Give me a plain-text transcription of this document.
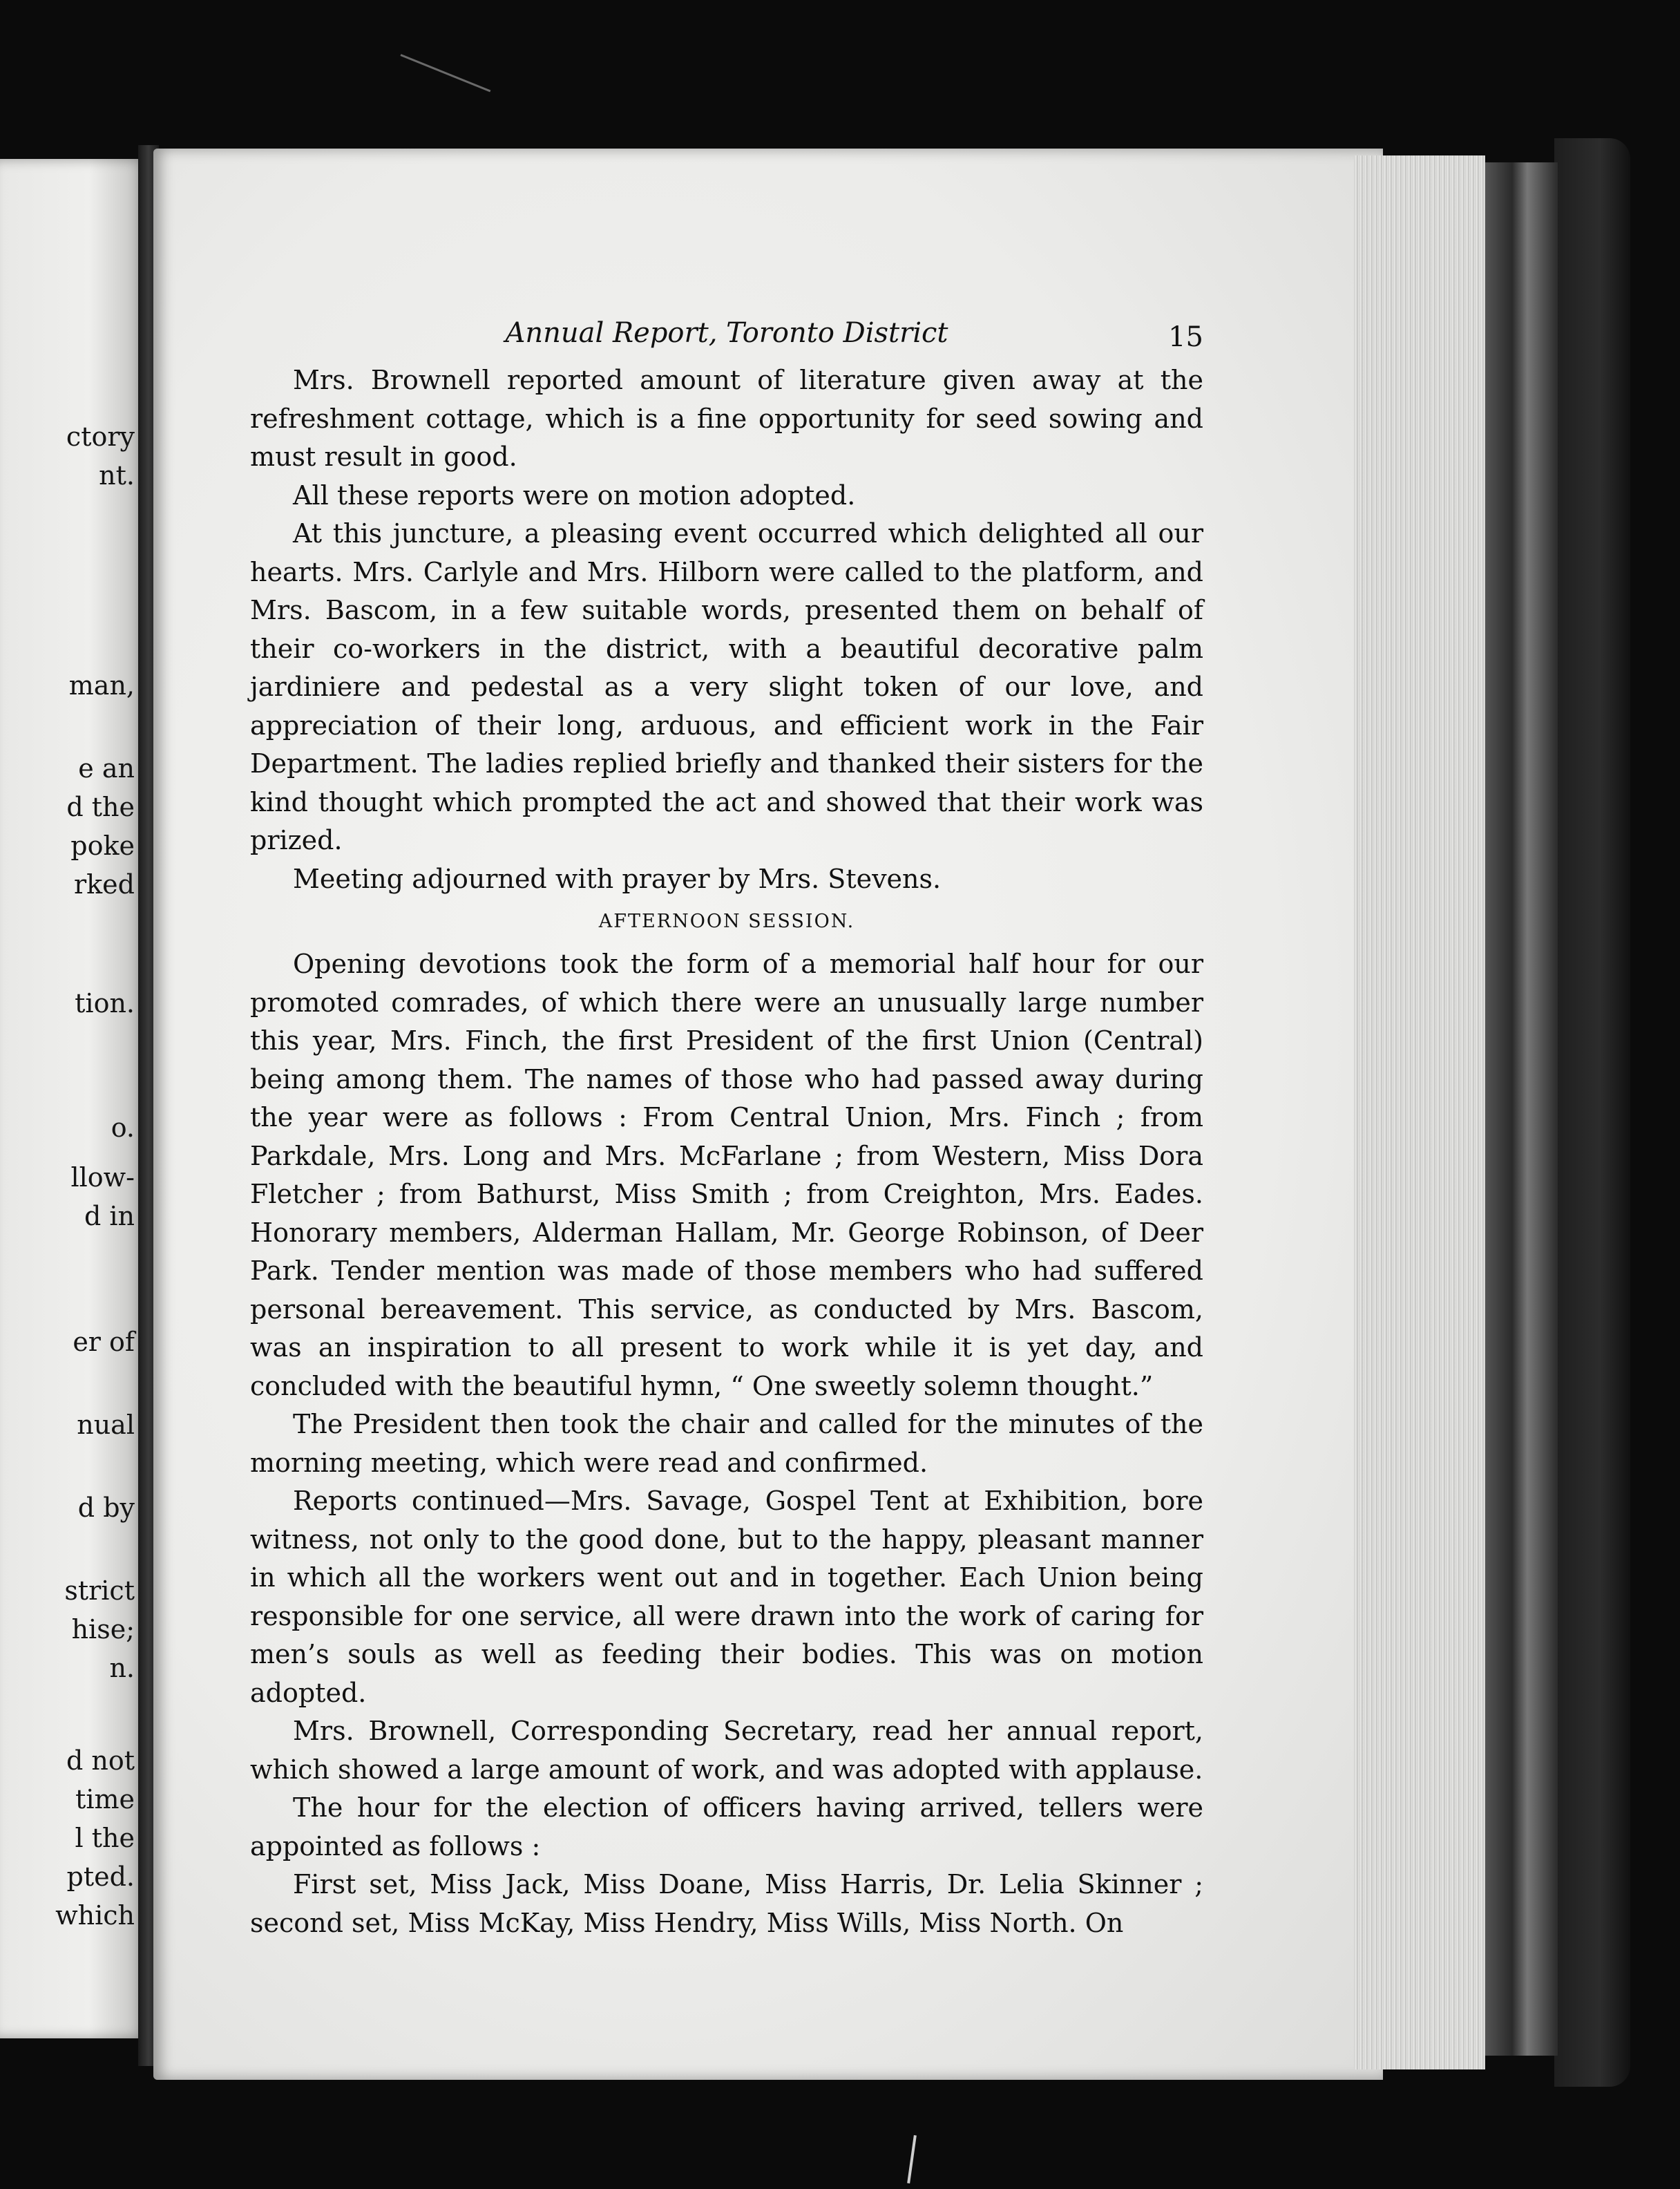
ctory
nt.
man,
e an
d the
poke
rked
tion.
o.
llow-
d in
er of
nual
d by
strict
hise;
n.
d not
time
l the
pted.
which
Annual Report, Toronto District	15

Mrs. Brownell reported amount of literature given away at the refreshment cottage, which is a fine opportunity for seed sowing and must result in good.

All these reports were on motion adopted.

At this juncture, a pleasing event occurred which delighted all our hearts. Mrs. Carlyle and Mrs. Hilborn were called to the platform, and Mrs. Bascom, in a few suitable words, presented them on behalf of their co-workers in the district, with a beautiful decorative palm jardiniere and pedestal as a very slight token of our love, and appreciation of their long, arduous, and efficient work in the Fair Department. The ladies replied briefly and thanked their sisters for the kind thought which prompted the act and showed that their work was prized.

Meeting adjourned with prayer by Mrs. Stevens.

AFTERNOON SESSION.

Opening devotions took the form of a memorial half hour for our promoted comrades, of which there were an unusually large number this year, Mrs. Finch, the first President of the first Union (Central) being among them. The names of those who had passed away during the year were as follows : From Central Union, Mrs. Finch ; from Parkdale, Mrs. Long and Mrs. McFarlane ; from Western, Miss Dora Fletcher ; from Bathurst, Miss Smith ; from Creighton, Mrs. Eades. Honorary members, Alderman Hallam, Mr. George Robinson, of Deer Park. Tender mention was made of those members who had suffered personal bereavement. This service, as conducted by Mrs. Bascom, was an inspiration to all present to work while it is yet day, and concluded with the beautiful hymn, “ One sweetly solemn thought.”

The President then took the chair and called for the minutes of the morning meeting, which were read and confirmed.

Reports continued—Mrs. Savage, Gospel Tent at Exhibition, bore witness, not only to the good done, but to the happy, pleasant manner in which all the workers went out and in together. Each Union being responsible for one service, all were drawn into the work of caring for men’s souls as well as feeding their bodies. This was on motion adopted.

Mrs. Brownell, Corresponding Secretary, read her annual report, which showed a large amount of work, and was adopted with applause.

The hour for the election of officers having arrived, tellers were appointed as follows :

First set, Miss Jack, Miss Doane, Miss Harris, Dr. Lelia Skinner ; second set, Miss McKay, Miss Hendry, Miss Wills, Miss North. On
